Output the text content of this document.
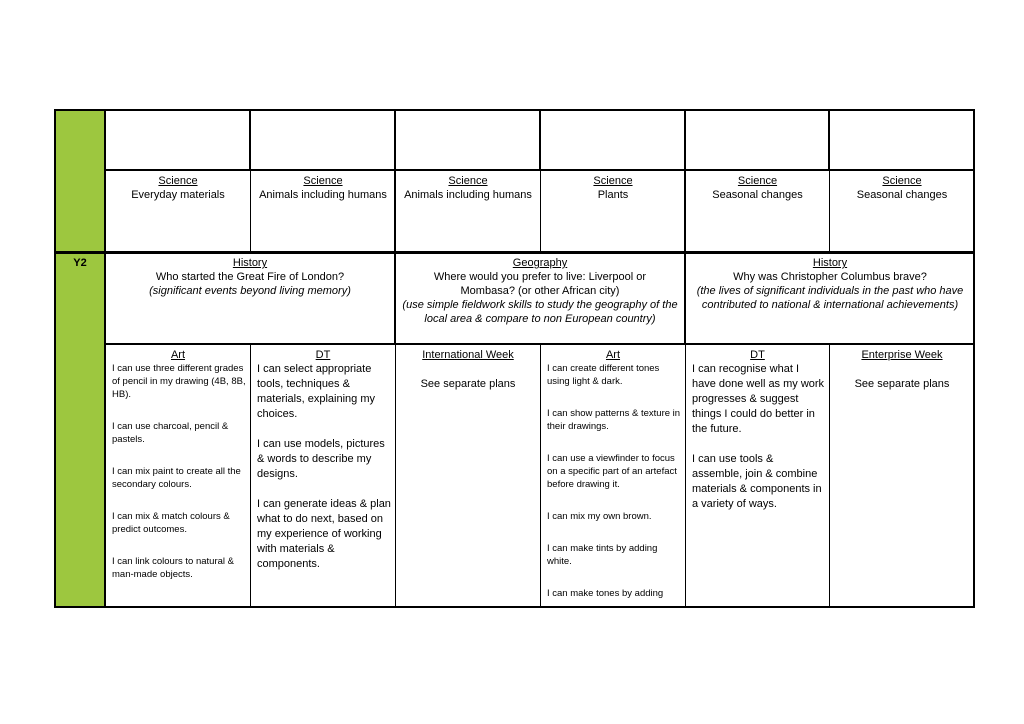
Y2
Science
Everyday materials
Science
Animals including humans
Science
Animals including humans
Science
Plants
Science
Seasonal changes
Science
Seasonal changes
History
Who started the Great Fire of London?
(significant events beyond living memory)
Geography
Where would you prefer to live: Liverpool or Mombasa? (or other African city)
(use simple fieldwork skills to study the geography of the local area & compare to non European country)
History
Why was Christopher Columbus brave?
(the lives of significant individuals in the past who have contributed to national & international achievements)
Art
I can use three different grades of pencil in my drawing (4B, 8B, HB).
I can use charcoal, pencil & pastels.
I can mix paint to create all the secondary colours.
I can mix & match colours & predict outcomes.
I can link colours to natural & man-made objects.
DT
I can select appropriate tools, techniques & materials, explaining my choices.
I can use models, pictures & words to describe my designs.
I can generate ideas & plan what to do next, based on my experience of working with materials & components.
International Week
See separate plans
Art
I can create different tones using light & dark.
I can show patterns & texture in their drawings.
I can use a viewfinder to focus on a specific part of an artefact before drawing it.
I can mix my own brown.
I can make tints by adding white.
I can make tones by adding
DT
I can recognise what I have done well as my work progresses & suggest things I could do better in the future.
I can use tools & assemble, join & combine materials & components in a variety of ways.
Enterprise Week
See separate plans
